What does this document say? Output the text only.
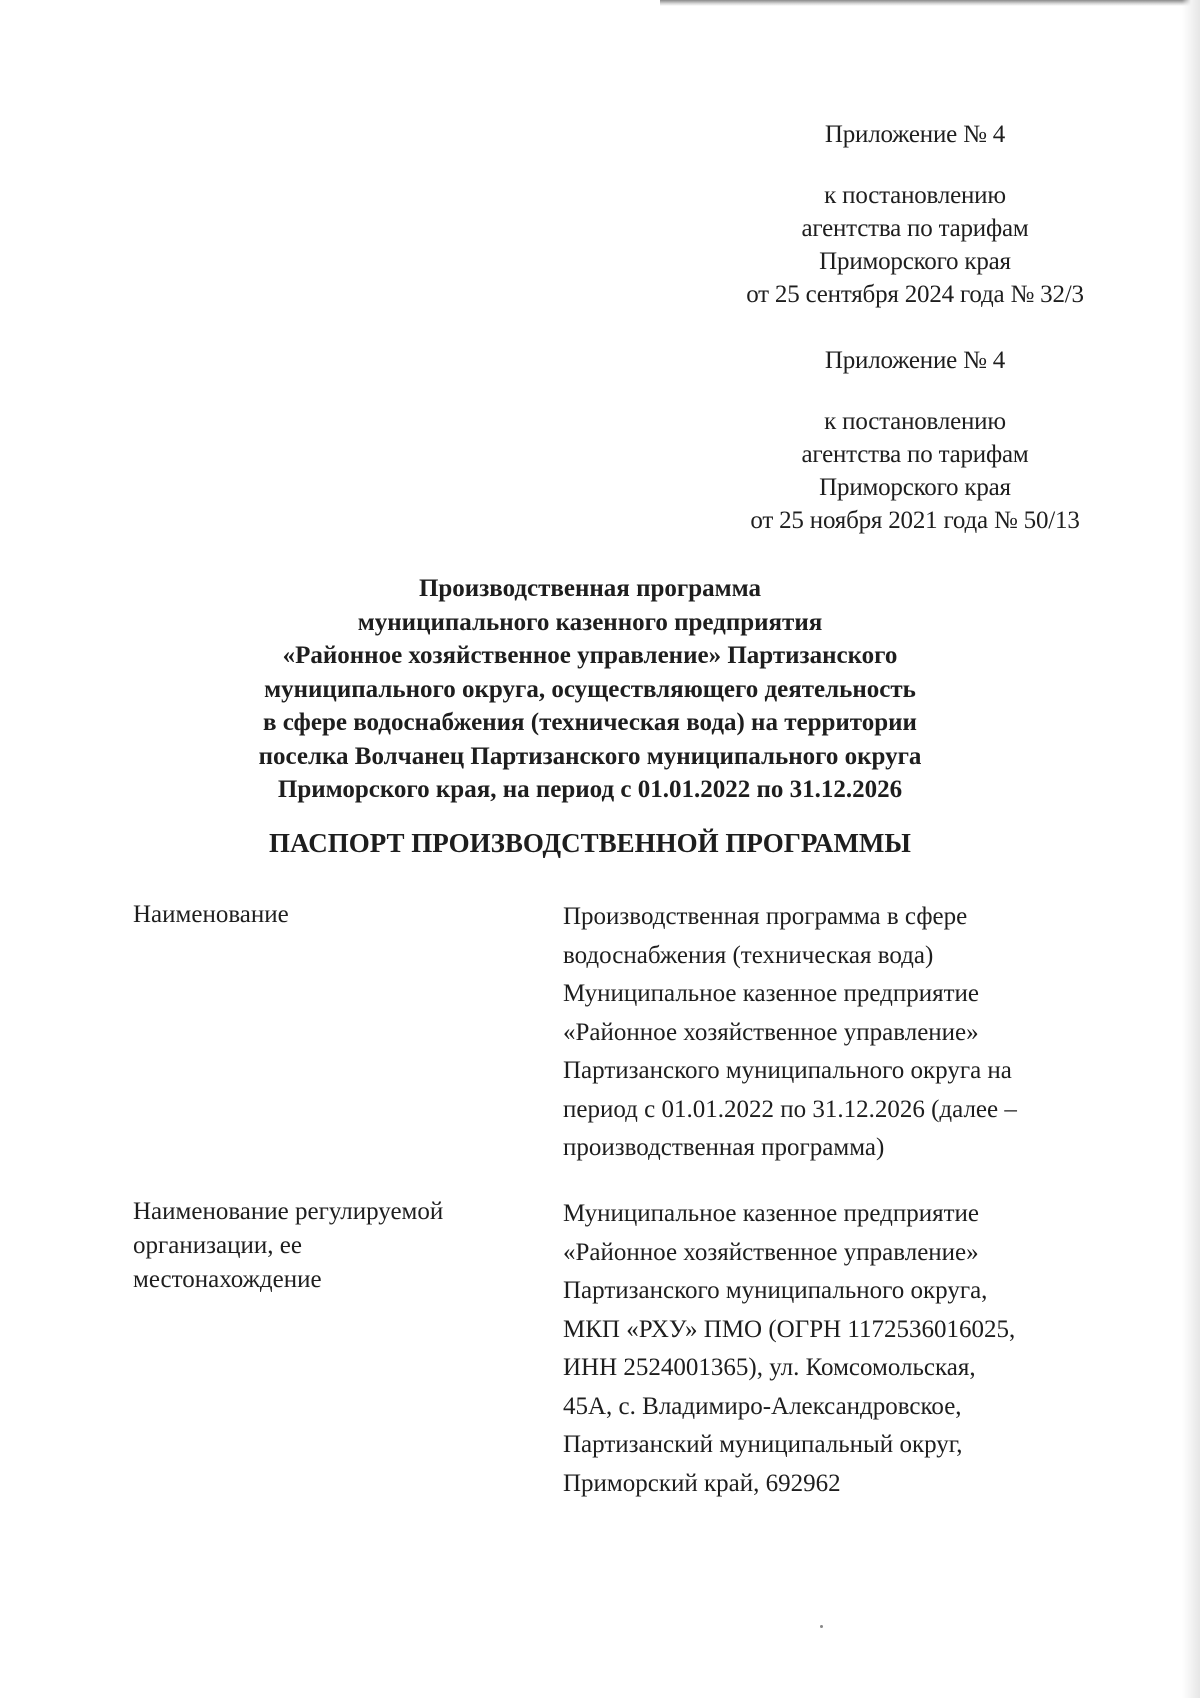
Приложение № 4
к постановлению
агентства по тарифам
Приморского края
от 25 сентября 2024 года № 32/3
Приложение № 4
к постановлению
агентства по тарифам
Приморского края
от 25 ноября 2021 года № 50/13
Производственная программа
муниципального казенного предприятия
«Районное хозяйственное управление» Партизанского
муниципального округа, осуществляющего деятельность
в сфере водоснабжения (техническая вода) на территории
поселка Волчанец Партизанского муниципального округа
Приморского края, на период с 01.01.2022 по 31.12.2026
ПАСПОРТ ПРОИЗВОДСТВЕННОЙ ПРОГРАММЫ
Наименование	Производственная программа в сфере
водоснабжения (техническая вода)
Муниципальное казенное предприятие
«Районное хозяйственное управление»
Партизанского муниципального округа на
период с 01.01.2022 по 31.12.2026 (далее –
производственная программа)
Наименование регулируемой
организации, ее
местонахождение
Муниципальное казенное предприятие
«Районное хозяйственное управление»
Партизанского муниципального округа,
МКП «РХУ» ПМО (ОГРН 1172536016025,
ИНН 2524001365), ул. Комсомольская,
45А, с. Владимиро-Александровское,
Партизанский муниципальный округ,
Приморский край, 692962
